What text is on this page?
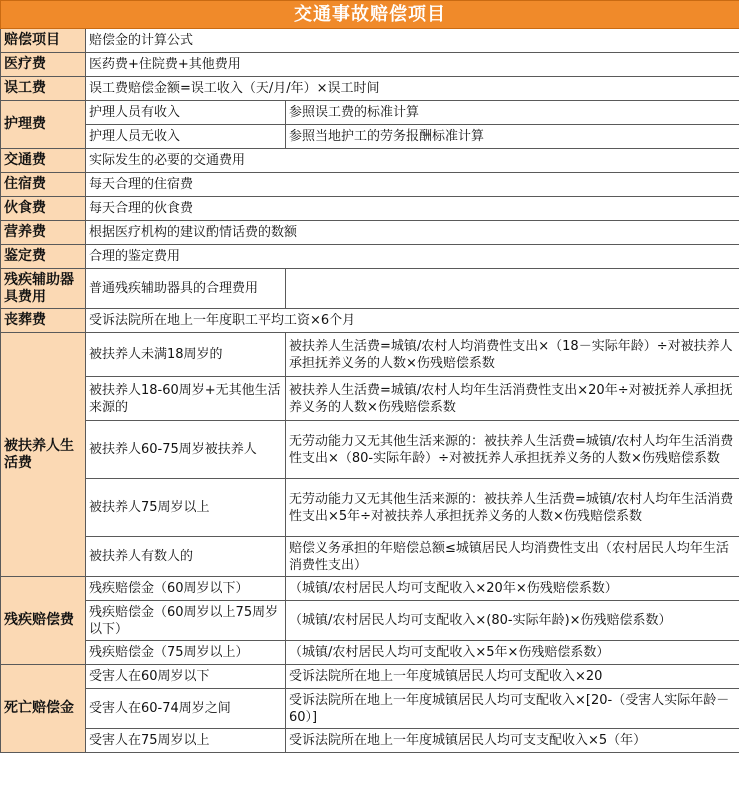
交通事故赔偿项目		
赔偿项目	赔偿金的计算公式	
医疗费	医药费+住院费+其他费用	
误工费	误工费赔偿金额=误工收入（天/月/年）×误工时间	
护理费	护理人员有收入	参照误工费的标准计算
	护理人员无收入	参照当地护工的劳务报酬标准计算
交通费	实际发生的必要的交通费用	
住宿费	每天合理的住宿费	
伙食费	每天合理的伙食费	
营养费	根据医疗机构的建议酌情话费的数额	
鉴定费	合理的鉴定费用	
残疾辅助器具费用	普通残疾辅助器具的合理费用	
丧葬费	受诉法院所在地上一年度职工平均工资×6个月	
被扶养人生活费	被扶养人未满18周岁的	被扶养人生活费=城镇/农村人均消费性支出×（18－实际年龄）÷对被扶养人承担抚养义务的人数×伤残赔偿系数
	被扶养人18-60周岁+无其他生活来源的	被扶养人生活费=城镇/农村人均年生活消费性支出×20年÷对被抚养人承担抚养义务的人数×伤残赔偿系数
	被扶养人60-75周岁被扶养人	无劳动能力又无其他生活来源的：被扶养人生活费=城镇/农村人均年生活消费性支出×（80-实际年龄）÷对被抚养人承担抚养义务的人数×伤残赔偿系数
	被扶养人75周岁以上	无劳动能力又无其他生活来源的：被扶养人生活费=城镇/农村人均年生活消费性支出×5年÷对被扶养人承担抚养义务的人数×伤残赔偿系数
	被扶养人有数人的	赔偿义务承担的年赔偿总额≤城镇居民人均消费性支出（农村居民人均年生活消费性支出）
残疾赔偿费	残疾赔偿金（60周岁以下）	（城镇/农村居民人均可支配收入×20年×伤残赔偿系数）
	残疾赔偿金（60周岁以上75周岁以下）	（城镇/农村居民人均可支配收入×(80-实际年龄)×伤残赔偿系数）
	残疾赔偿金（75周岁以上）	（城镇/农村居民人均可支配收入×5年×伤残赔偿系数）
死亡赔偿金	受害人在60周岁以下	受诉法院所在地上一年度城镇居民人均可支配收入×20
	受害人在60-74周岁之间	受诉法院所在地上一年度城镇居民人均可支配收入×[20-（受害人实际年龄－60）]
	受害人在75周岁以上	受诉法院所在地上一年度城镇居民人均可支支配收入×5（年）
